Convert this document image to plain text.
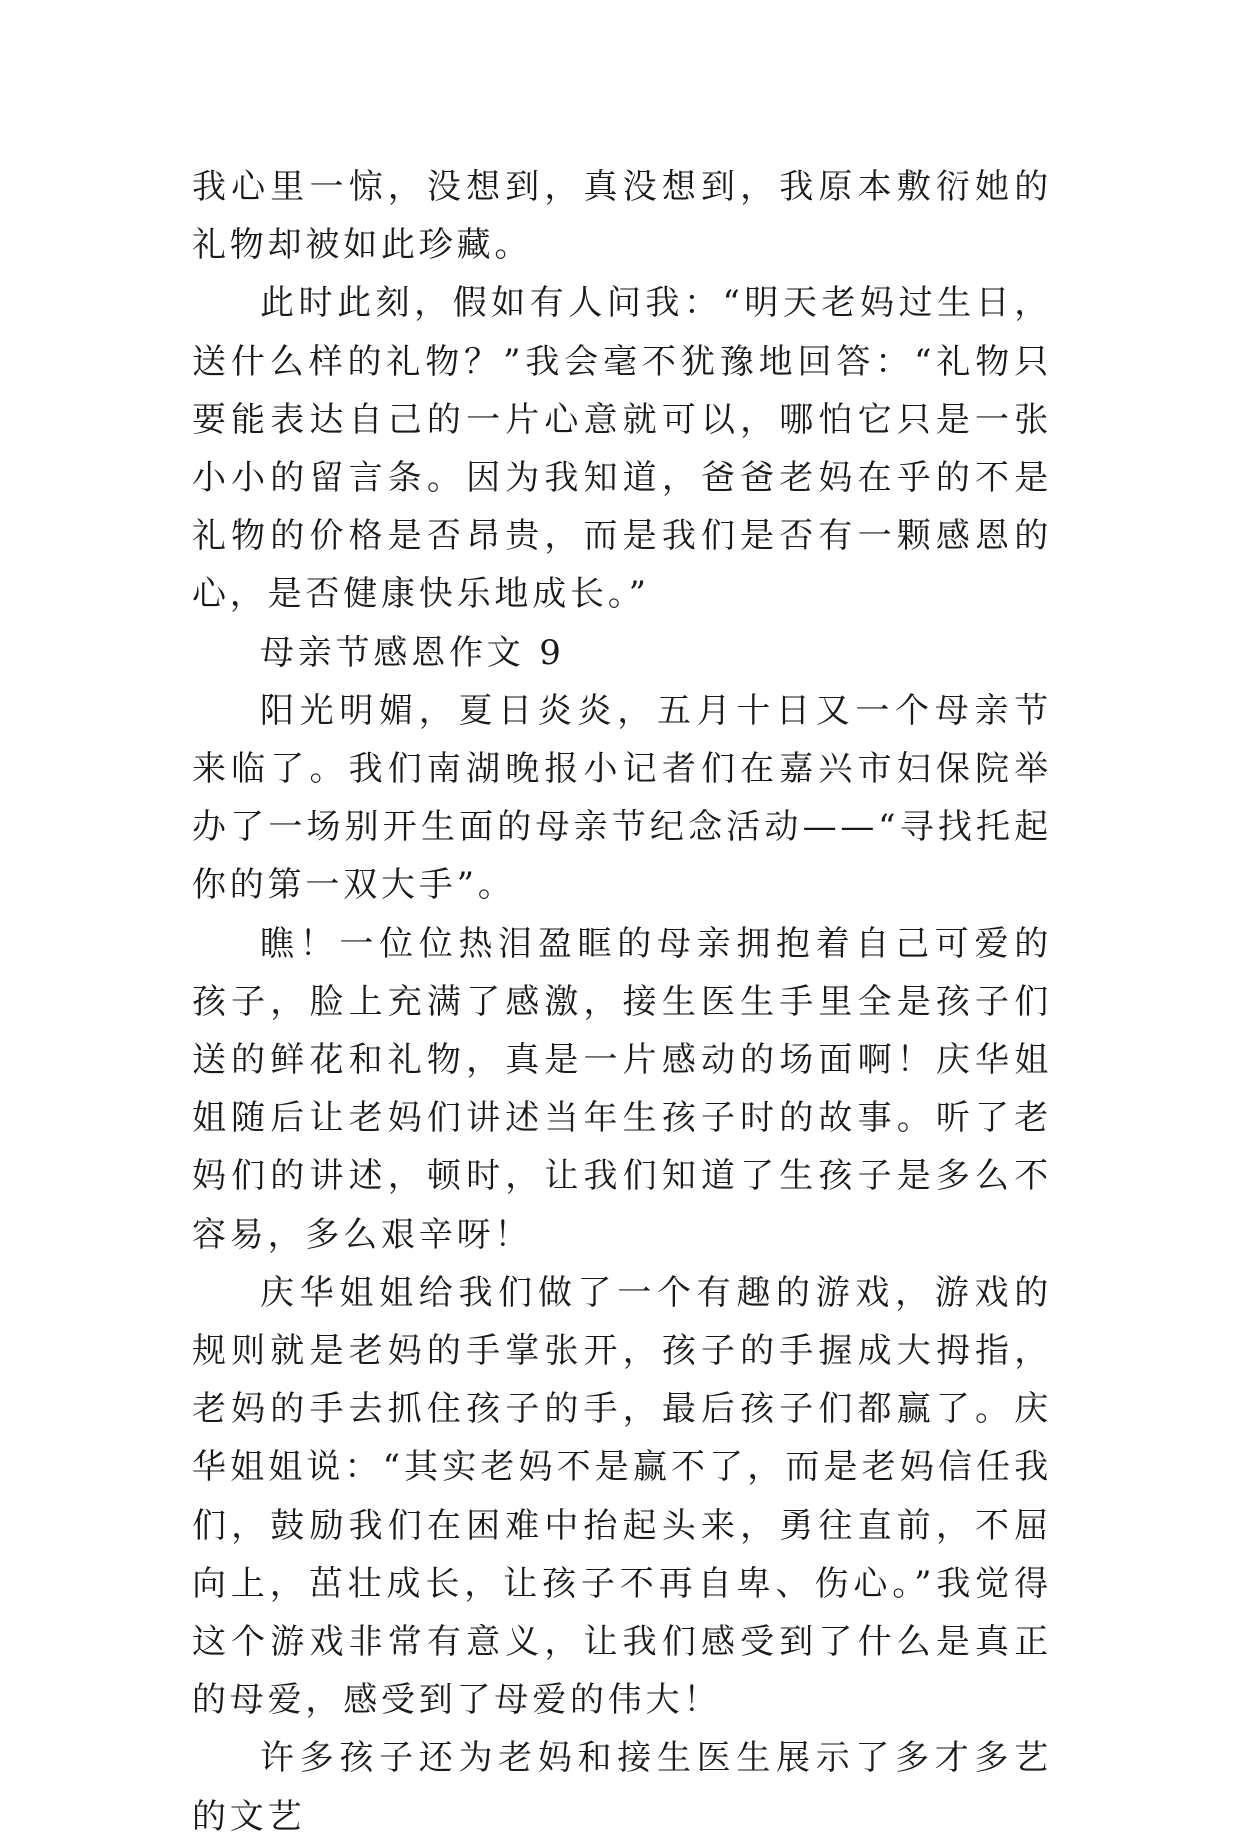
我心里一惊，没想到，真没想到，我原本敷衍她的礼物却被如此珍藏。

此时此刻，假如有人问我：“明天老妈过生日，送什么样的礼物？”我会毫不犹豫地回答：“礼物只要能表达自己的一片心意就可以，哪怕它只是一张小小的留言条。因为我知道，爸爸老妈在乎的不是礼物的价格是否昂贵，而是我们是否有一颗感恩的心，是否健康快乐地成长。”

母亲节感恩作文 9

阳光明媚，夏日炎炎，五月十日又一个母亲节来临了。我们南湖晚报小记者们在嘉兴市妇保院举办了一场别开生面的母亲节纪念活动——“寻找托起你的第一双大手”。

瞧！一位位热泪盈眶的母亲拥抱着自己可爱的孩子，脸上充满了感激，接生医生手里全是孩子们送的鲜花和礼物，真是一片感动的场面啊！庆华姐姐随后让老妈们讲述当年生孩子时的故事。听了老妈们的讲述，顿时，让我们知道了生孩子是多么不容易，多么艰辛呀！

庆华姐姐给我们做了一个有趣的游戏，游戏的规则就是老妈的手掌张开，孩子的手握成大拇指，老妈的手去抓住孩子的手，最后孩子们都赢了。庆华姐姐说：“其实老妈不是赢不了，而是老妈信任我们，鼓励我们在困难中抬起头来，勇往直前，不屈向上，茁壮成长，让孩子不再自卑、伤心。”我觉得这个游戏非常有意义，让我们感受到了什么是真正的母爱，感受到了母爱的伟大！

许多孩子还为老妈和接生医生展示了多才多艺的文艺
